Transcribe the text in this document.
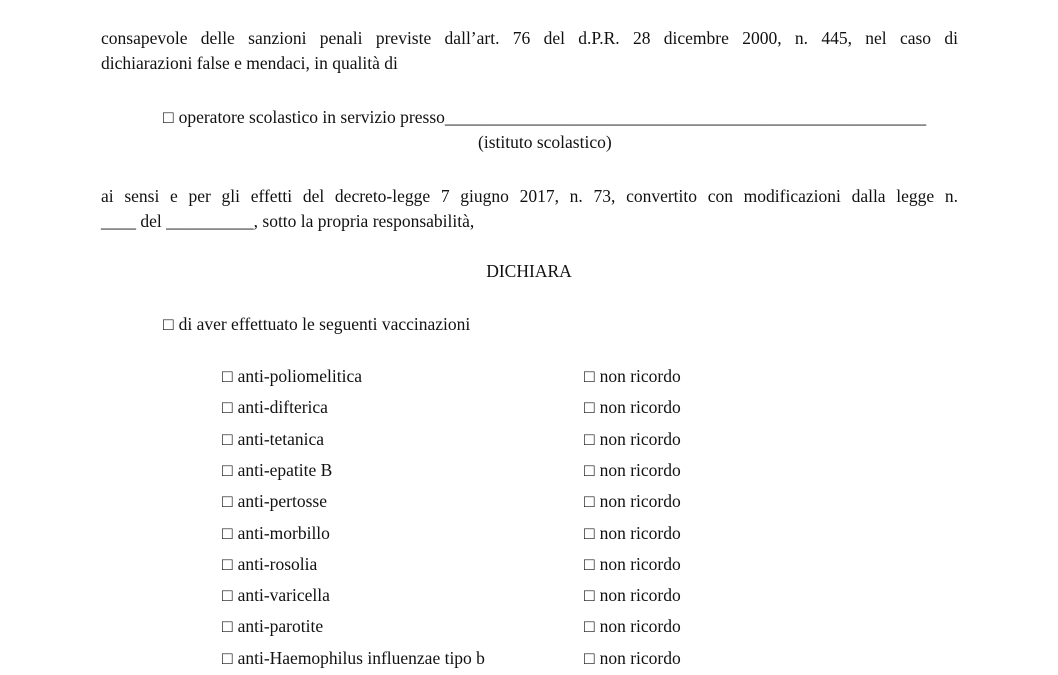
consapevole delle sanzioni penali previste dall’art. 76 del d.P.R. 28 dicembre 2000, n. 445, nel caso di
dichiarazioni false e mendaci, in qualità di
□ operatore scolastico in servizio presso_______________________________________________________
(istituto scolastico)
ai sensi e per gli effetti del decreto-legge 7 giugno 2017, n. 73, convertito con modificazioni dalla legge n.
____ del __________, sotto la propria responsabilità,
DICHIARA
□ di aver effettuato le seguenti vaccinazioni
□ anti-poliomelitica	□ non ricordo
□ anti-difterica	□ non ricordo
□ anti-tetanica	□ non ricordo
□ anti-epatite B	□ non ricordo
□ anti-pertosse	□ non ricordo
□ anti-morbillo	□ non ricordo
□ anti-rosolia	□ non ricordo
□ anti-varicella	□ non ricordo
□ anti-parotite	□ non ricordo
□ anti-Haemophilus influenzae tipo b	□ non ricordo
